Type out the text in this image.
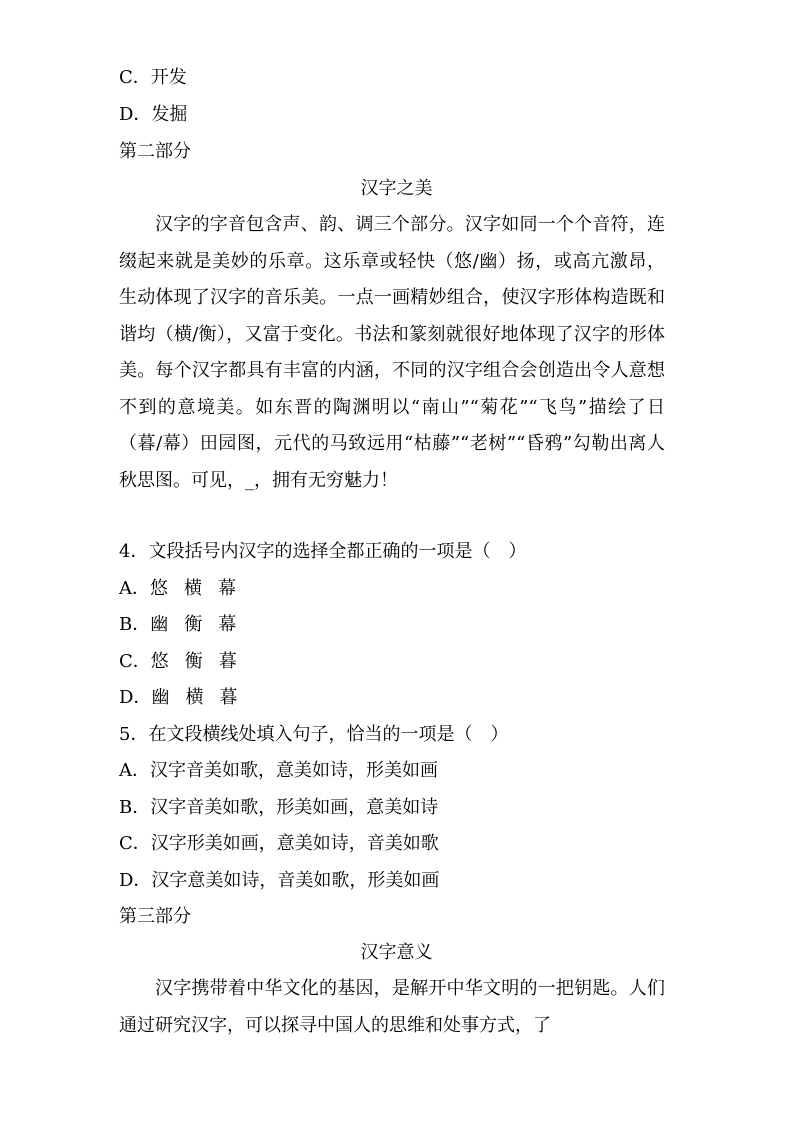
C．开发
D．发掘
第二部分
汉字之美
汉字的字音包含声、韵、调三个部分。汉字如同一个个音符，连缀起来就是美妙的乐章。这乐章或轻快（悠/幽）扬，或高亢激昂，生动体现了汉字的音乐美。一点一画精妙组合，使汉字形体构造既和谐均（横/衡），又富于变化。书法和篆刻就很好地体现了汉字的形体美。每个汉字都具有丰富的内涵，不同的汉字组合会创造出令人意想不到的意境美。如东晋的陶渊明以“南山”“菊花”“飞鸟”描绘了日（暮/幕）田园图，元代的马致远用“枯藤”“老树”“昏鸦”勾勒出离人秋思图。可见，_，拥有无穷魅力！
4．文段括号内汉字的选择全都正确的一项是（　）
A．悠 横 幕
B．幽 衡 幕
C．悠 衡 暮
D．幽 横 暮
5．在文段横线处填入句子，恰当的一项是（　）
A．汉字音美如歌，意美如诗，形美如画
B．汉字音美如歌，形美如画，意美如诗
C．汉字形美如画，意美如诗，音美如歌
D．汉字意美如诗，音美如歌，形美如画
第三部分
汉字意义
汉字携带着中华文化的基因，是解开中华文明的一把钥匙。人们通过研究汉字，可以探寻中国人的思维和处事方式，了
